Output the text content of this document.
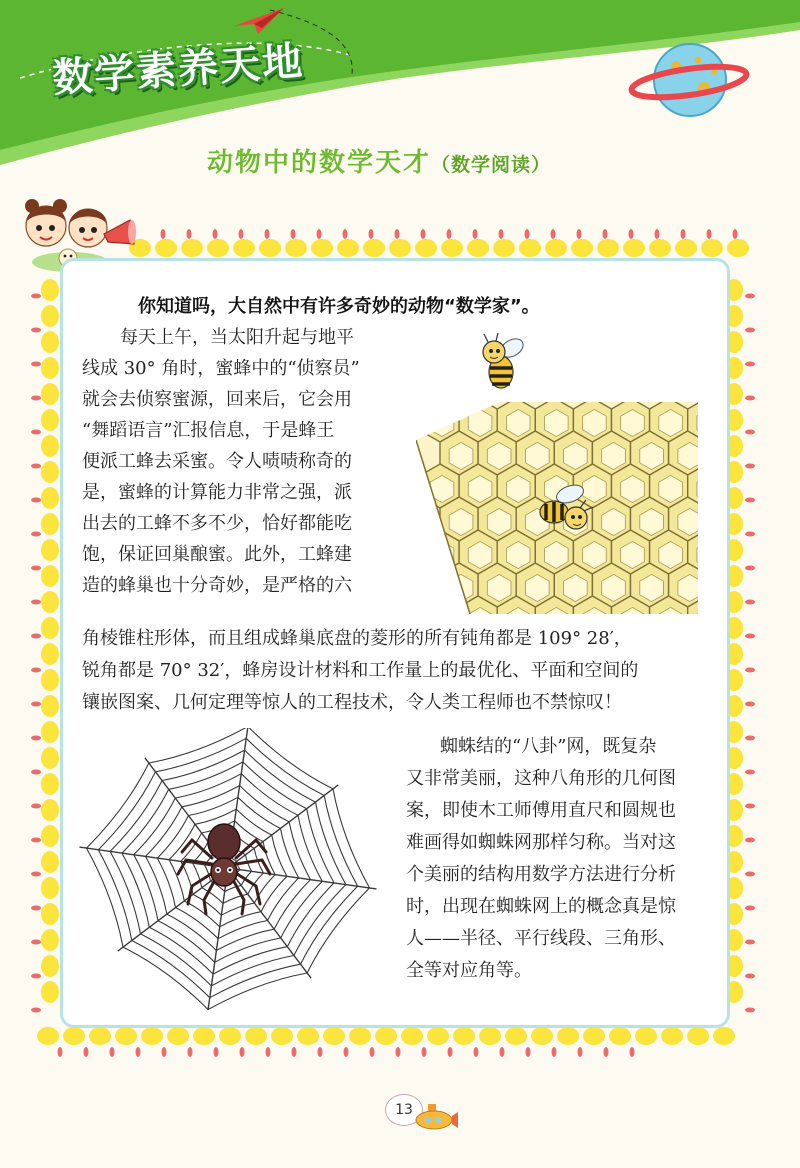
数学素养天地
动物中的数学天才（数学阅读）

你知道吗，大自然中有许多奇妙的动物“数学家”。

每天上午，当太阳升起与地平

线成 30° 角时，蜜蜂中的“侦察员”

就会去侦察蜜源，回来后，它会用

“舞蹈语言”汇报信息，于是蜂王

便派工蜂去采蜜。令人啧啧称奇的

是，蜜蜂的计算能力非常之强，派

出去的工蜂不多不少，恰好都能吃

饱，保证回巢酿蜜。此外，工蜂建

造的蜂巢也十分奇妙，是严格的六

角棱锥柱形体，而且组成蜂巢底盘的菱形的所有钝角都是 109° 28′，

锐角都是 70° 32′，蜂房设计材料和工作量上的最优化、平面和空间的

镶嵌图案、几何定理等惊人的工程技术，令人类工程师也不禁惊叹！

蜘蛛结的“八卦”网，既复杂

又非常美丽，这种八角形的几何图

案，即使木工师傅用直尺和圆规也

难画得如蜘蛛网那样匀称。当对这

个美丽的结构用数学方法进行分析

时，出现在蜘蛛网上的概念真是惊

人——半径、平行线段、三角形、

全等对应角等。

13
